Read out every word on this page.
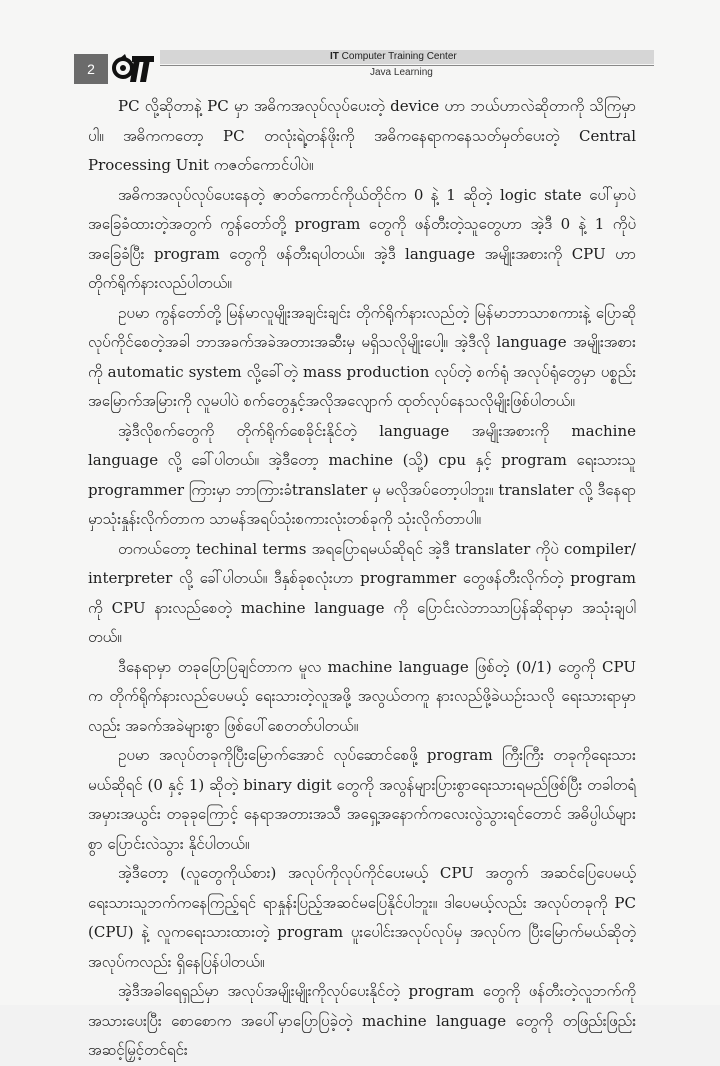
2
IT Computer Training Center
Java Learning

PC လို့ဆိုတာနဲ့ PC မှာ အဓိကအလုပ်လုပ်ပေးတဲ့ device ဟာ ဘယ်ဟာလဲဆိုတာကို သိကြမှာပါ။ အဓိကကတော့ PC တလုံးရဲ့တန်ဖိုးကို အဓိကနေရာကနေသတ်မှတ်ပေးတဲ့ Central Processing Unit ကဇတ်ကောင်ပါပဲ။

အဓိကအလုပ်လုပ်ပေးနေတဲ့ ဇာတ်ကောင်ကိုယ်တိုင်က 0 နဲ့ 1 ဆိုတဲ့ logic state ပေါ်မှာပဲ အခြေခံထားတဲ့အတွက် ကွန်တော်တို့ program တွေကို ဖန်တီးတဲ့သူတွေဟာ အဲ့ဒီ 0 နဲ့ 1 ကိုပဲ အခြေခံပြီး program တွေကို ဖန်တီးရပါတယ်။ အဲ့ဒီ language အမျိုးအစားကို CPU ဟာတိုက်ရိုက်နားလည်ပါတယ်။

ဥပမာ ကွန်တော်တို့ မြန်မာလူမျိုးအချင်းချင်း တိုက်ရိုက်နားလည်တဲ့ မြန်မာဘာသာစကားနဲ့ ပြောဆိုလုပ်ကိုင်စေတဲ့အခါ ဘာအခက်အခဲအတားအဆီးမှ မရှိသလိုမျိုးပေါ့။ အဲ့ဒီလို language အမျိုးအစားကို automatic system လို့ခေါ်တဲ့ mass production လုပ်တဲ့ စက်ရုံ အလုပ်ရုံတွေမှာ ပစ္စည်းအမြောက်အမြားကို လူမပါပဲ စက်တွေနှင့်အလိုအလျောက် ထုတ်လုပ်နေသလိုမျိုးဖြစ်ပါတယ်။

အဲ့ဒီလိုစက်တွေကို တိုက်ရိုက်စေခိုင်းနိုင်တဲ့ language အမျိုးအစားကို machine language လို့ ခေါ်ပါတယ်။ အဲ့ဒီတော့ machine (သို့) cpu နှင့် program ရေးသားသူ programmer ကြားမှာ ဘာကြားခံtranslater မှ မလိုအပ်တော့ပါဘူး။ translater လို့ ဒီနေရာမှာသုံးနှုန်းလိုက်တာက သာမန်အရပ်သုံးစကားလုံးတစ်ခုကို သုံးလိုက်တာပါ။

တကယ်တော့ techinal terms အရပြောရမယ်ဆိုရင် အဲ့ဒီ translater ကိုပဲ compiler/ interpreter လို့ ခေါ်ပါတယ်။ ဒီနှစ်ခုစလုံးဟာ programmer တွေဖန်တီးလိုက်တဲ့ program ကို CPU နားလည်စေတဲ့ machine language ကို ပြောင်းလဲဘာသာပြန်ဆိုရာမှာ အသုံးချပါတယ်။

ဒီနေရာမှာ တခုပြောပြချင်တာက မူလ machine language ဖြစ်တဲ့ (0/1) တွေကို CPU က တိုက်ရိုက်နားလည်ပေမယ့် ရေးသားတဲ့လူအဖို့ အလွယ်တကူ နားလည်ဖို့ခဲယဉ်းသလို ရေးသားရာမှာလည်း အခက်အခဲများစွာ ဖြစ်ပေါ်စေတတ်ပါတယ်။

ဥပမာ အလုပ်တခုကိုပြီးမြောက်အောင် လုပ်ဆောင်စေဖို့ program ကြီးကြီး တခုကိုရေးသားမယ်ဆိုရင် (0 နှင့် 1) ဆိုတဲ့ binary digit တွေကို အလွန်များပြားစွာရေးသားရမည်ဖြစ်ပြီး တခါတရံအမှားအယွင်း တခုခုကြောင့် နေရာအတားအသီ အရှေ့အနောက်ကလေးလွဲသွားရင်တောင် အဓိပ္ပါယ်များစွာ ပြောင်းလဲသွား နိုင်ပါတယ်။

အဲ့ဒီတော့ (လူတွေကိုယ်စား) အလုပ်ကိုလုပ်ကိုင်ပေးမယ့် CPU အတွက် အဆင်ပြေပေမယ့် ရေးသားသူဘက်ကနေကြည့်ရင် ရာနှုန်းပြည့်အဆင်မပြေနိုင်ပါဘူး။ ဒါပေမယ့်လည်း အလုပ်တခုကို PC (CPU) နဲ့ လူကရေးသားထားတဲ့ program ပူးပေါင်းအလုပ်လုပ်မှ အလုပ်က ပြီးမြောက်မယ်ဆိုတဲ့အလုပ်ကလည်း ရှိနေပြန်ပါတယ်။

အဲ့ဒီအခါရေရှည်မှာ အလုပ်အမျိုးမျိုးကိုလုပ်ပေးနိုင်တဲ့ program တွေကို ဖန်တီးတဲ့လူဘက်ကို အသားပေးပြီး စောစောက အပေါ်မှာပြောပြခဲ့တဲ့ machine language တွေကို တဖြည်းဖြည်းအဆင့်မြှင့်တင်ရင်း
